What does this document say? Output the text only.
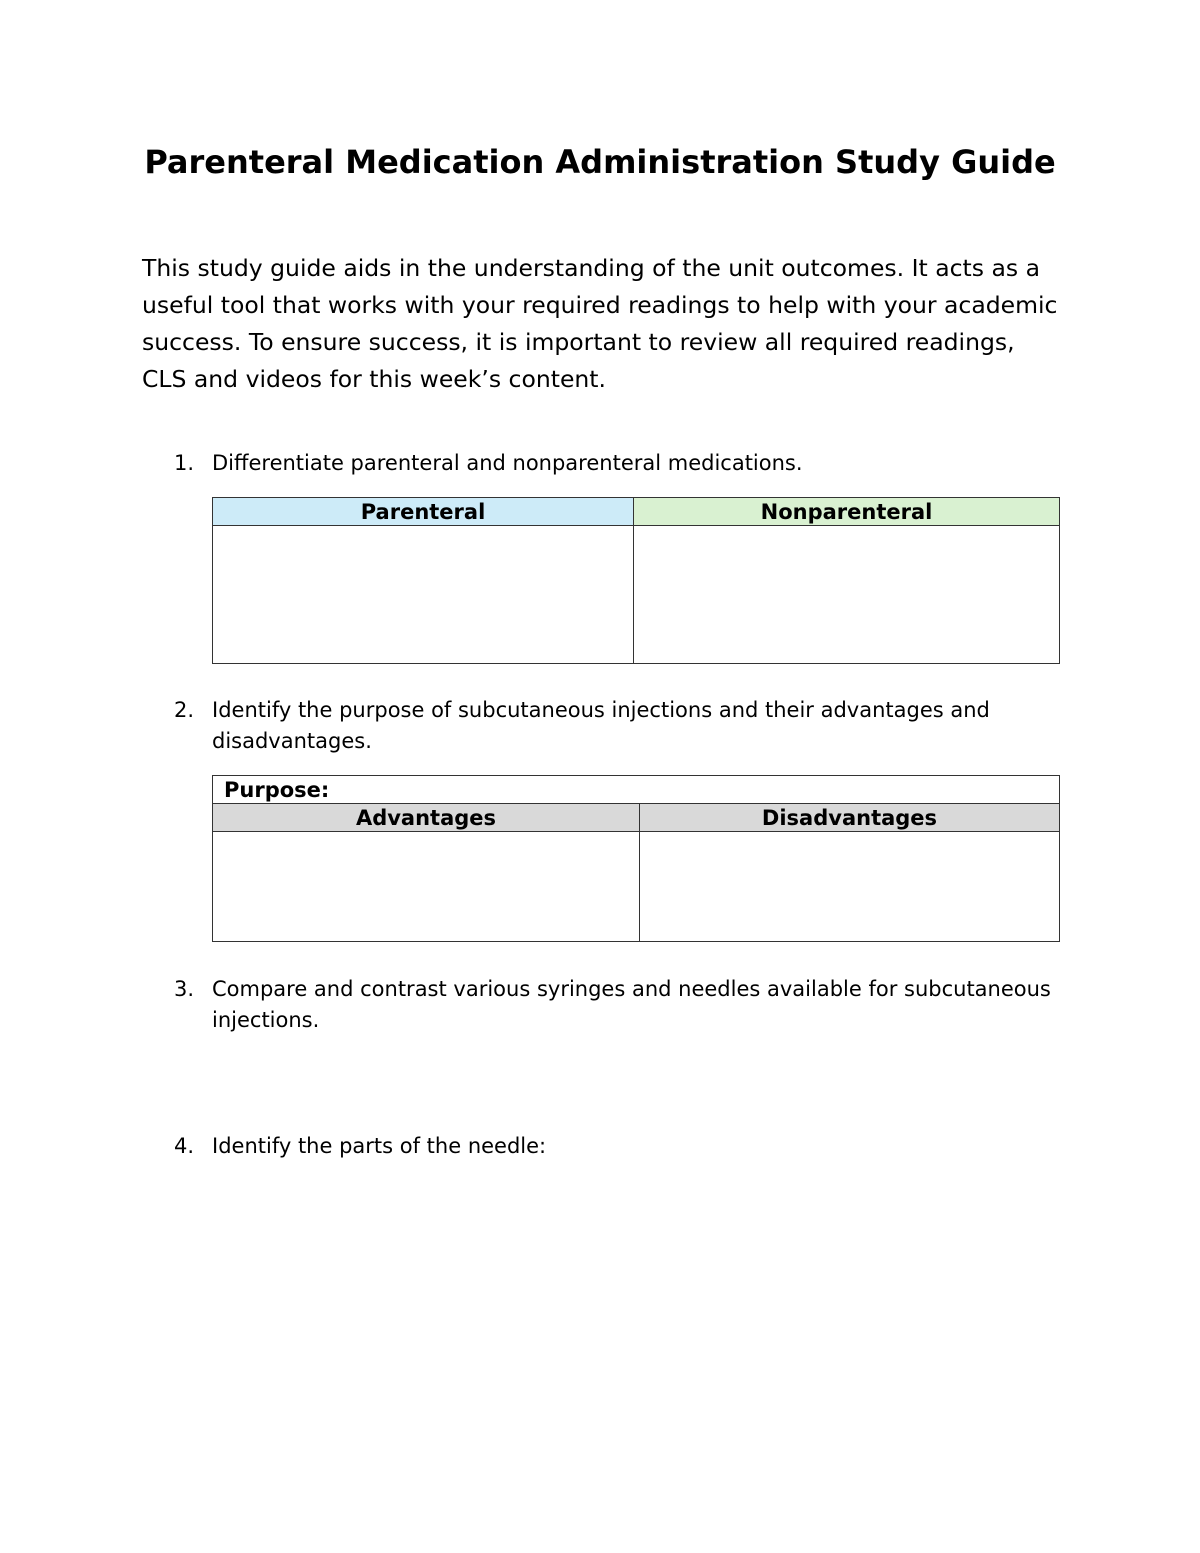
Parenteral Medication Administration Study Guide

This study guide aids in the understanding of the unit outcomes. It acts as a useful tool that works with your required readings to help with your academic success. To ensure success, it is important to review all required readings, CLS and videos for this week’s content.

1. Differentiate parenteral and nonparenteral medications.
Parenteral	Nonparenteral

2. Identify the purpose of subcutaneous injections and their advantages and disadvantages.
Purpose:	
Advantages	Disadvantages

3. Compare and contrast various syringes and needles available for subcutaneous injections.
4. Identify the parts of the needle:
